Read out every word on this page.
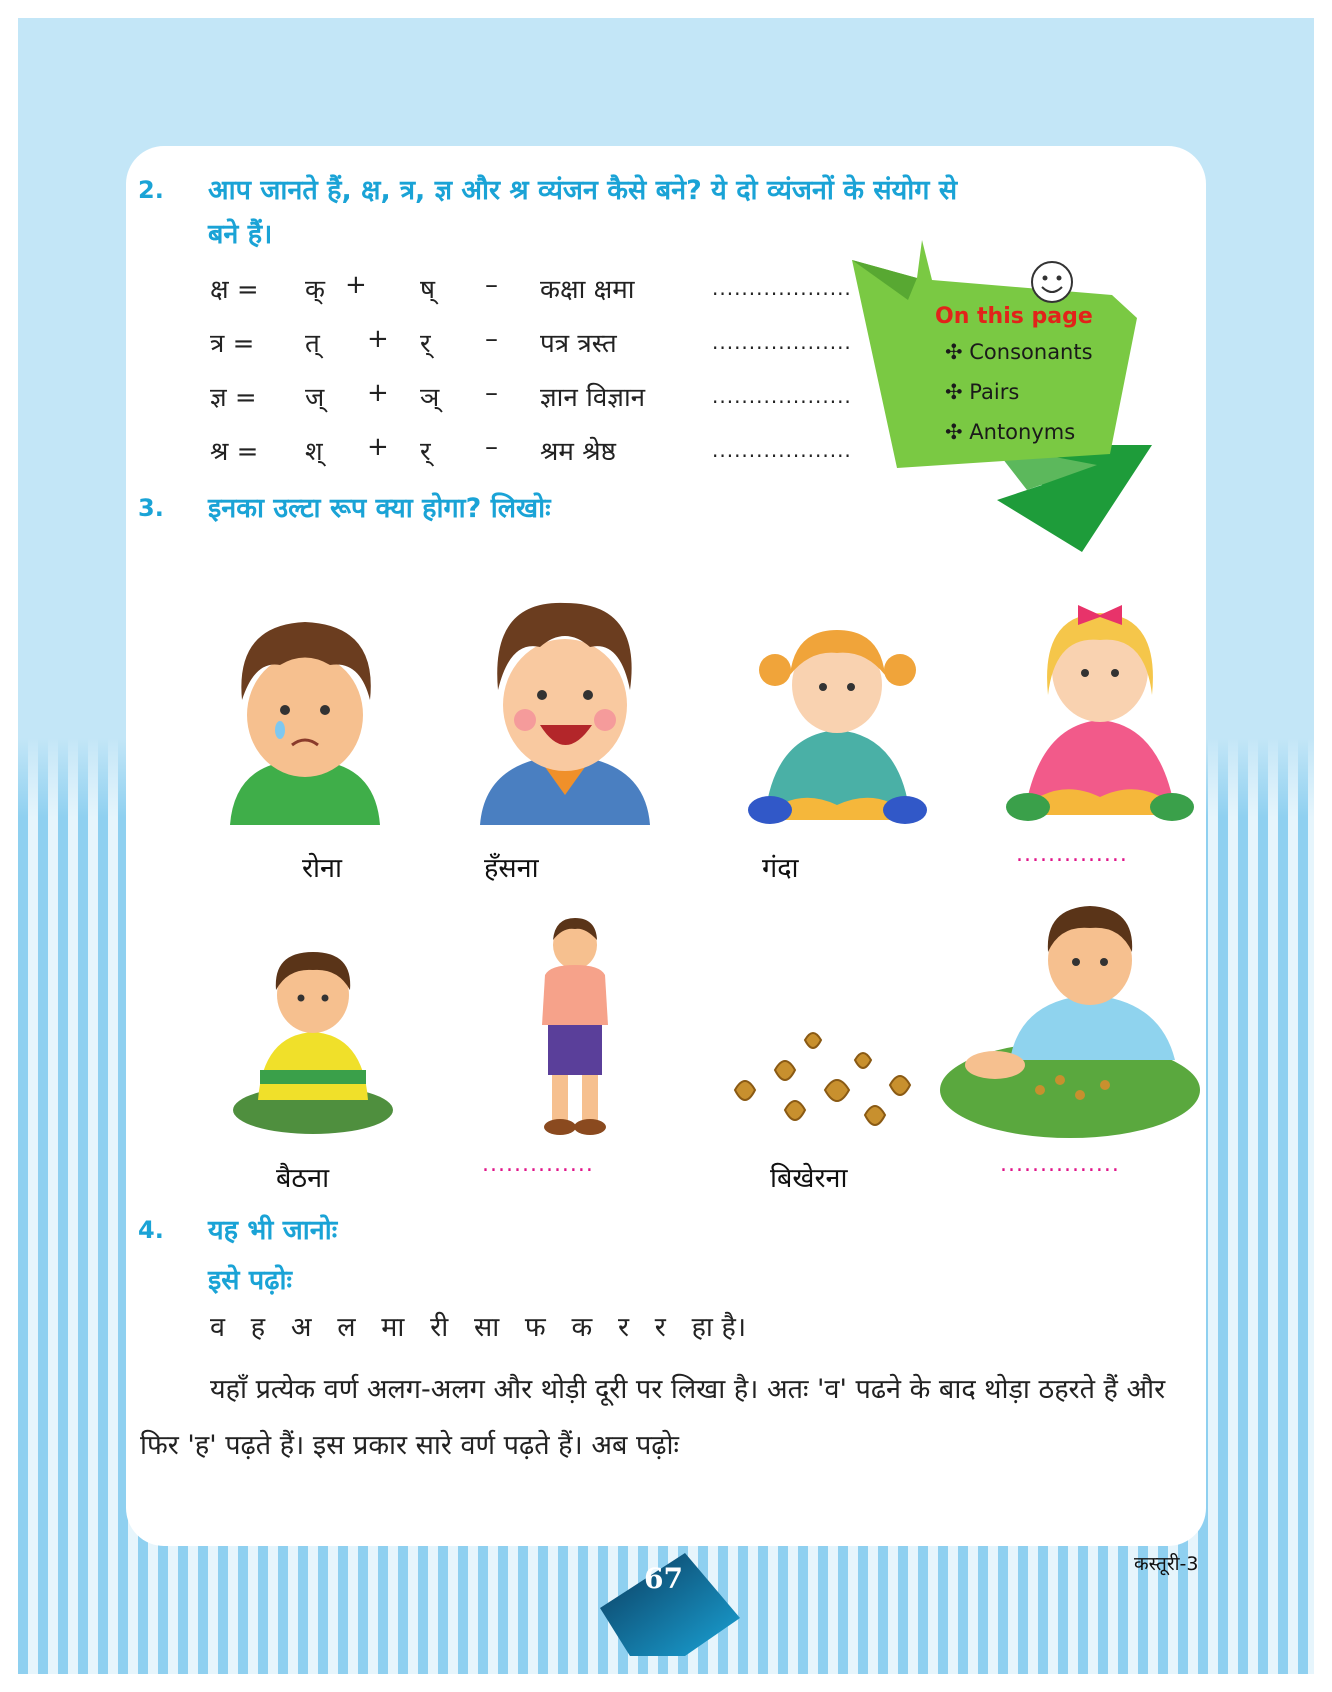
2. आप जानते हैं, क्ष, त्र, ज्ञ और श्र व्यंजन कैसे बने? ये दो व्यंजनों के संयोग से
बने हैं।
क्ष = क् + ष् – कक्षा क्षमा	...................
त्र = त् + र् – पत्र त्रस्त	...................
ज्ञ = ज् + ञ् – ज्ञान विज्ञान	...................
श्र = श् + र् – श्रम श्रेष्ठ	...................
On this page
✣ Consonants
✣ Pairs
✣ Antonyms
3. इनका उल्टा रूप क्या होगा? लिखोः
रोना	हँसना	गंदा	..............
बैठना	..............	बिखेरना	...............
4. यह भी जानोः
इसे पढ़ोः
व   ह   अ   ल   मा   री   सा   फ   क   र   र   हा है।
यहाँ प्रत्येक वर्ण अलग-अलग और थोड़ी दूरी पर लिखा है। अतः 'व' पढने के बाद थोड़ा ठहरते हैं और फिर 'ह' पढ़ते हैं। इस प्रकार सारे वर्ण पढ़ते हैं। अब पढ़ोः
67	कस्तूरी-3
